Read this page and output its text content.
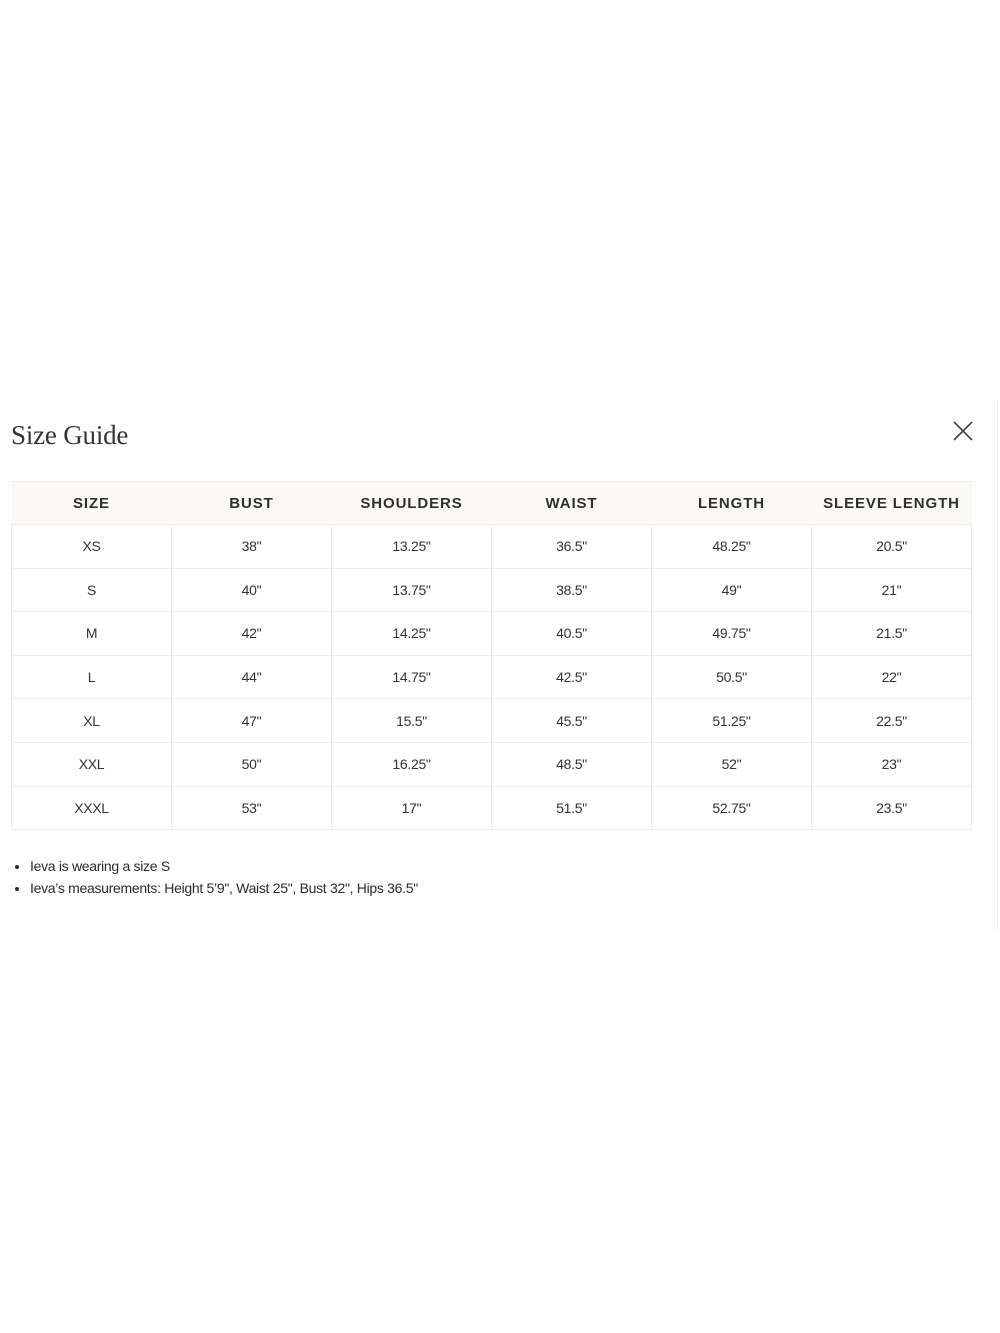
Size Guide
SIZE	BUST	SHOULDERS	WAIST	LENGTH	SLEEVE LENGTH
XS	38"	13.25"	36.5"	48.25"	20.5"
S	40"	13.75"	38.5"	49"	21"
M	42"	14.25"	40.5"	49.75"	21.5"
L	44"	14.75"	42.5"	50.5"	22"
XL	47"	15.5"	45.5"	51.25"	22.5"
XXL	50"	16.25"	48.5"	52"	23"
XXXL	53"	17"	51.5"	52.75"	23.5"
• Ieva is wearing a size S
• Ieva’s measurements: Height 5’9", Waist 25", Bust 32", Hips 36.5"
